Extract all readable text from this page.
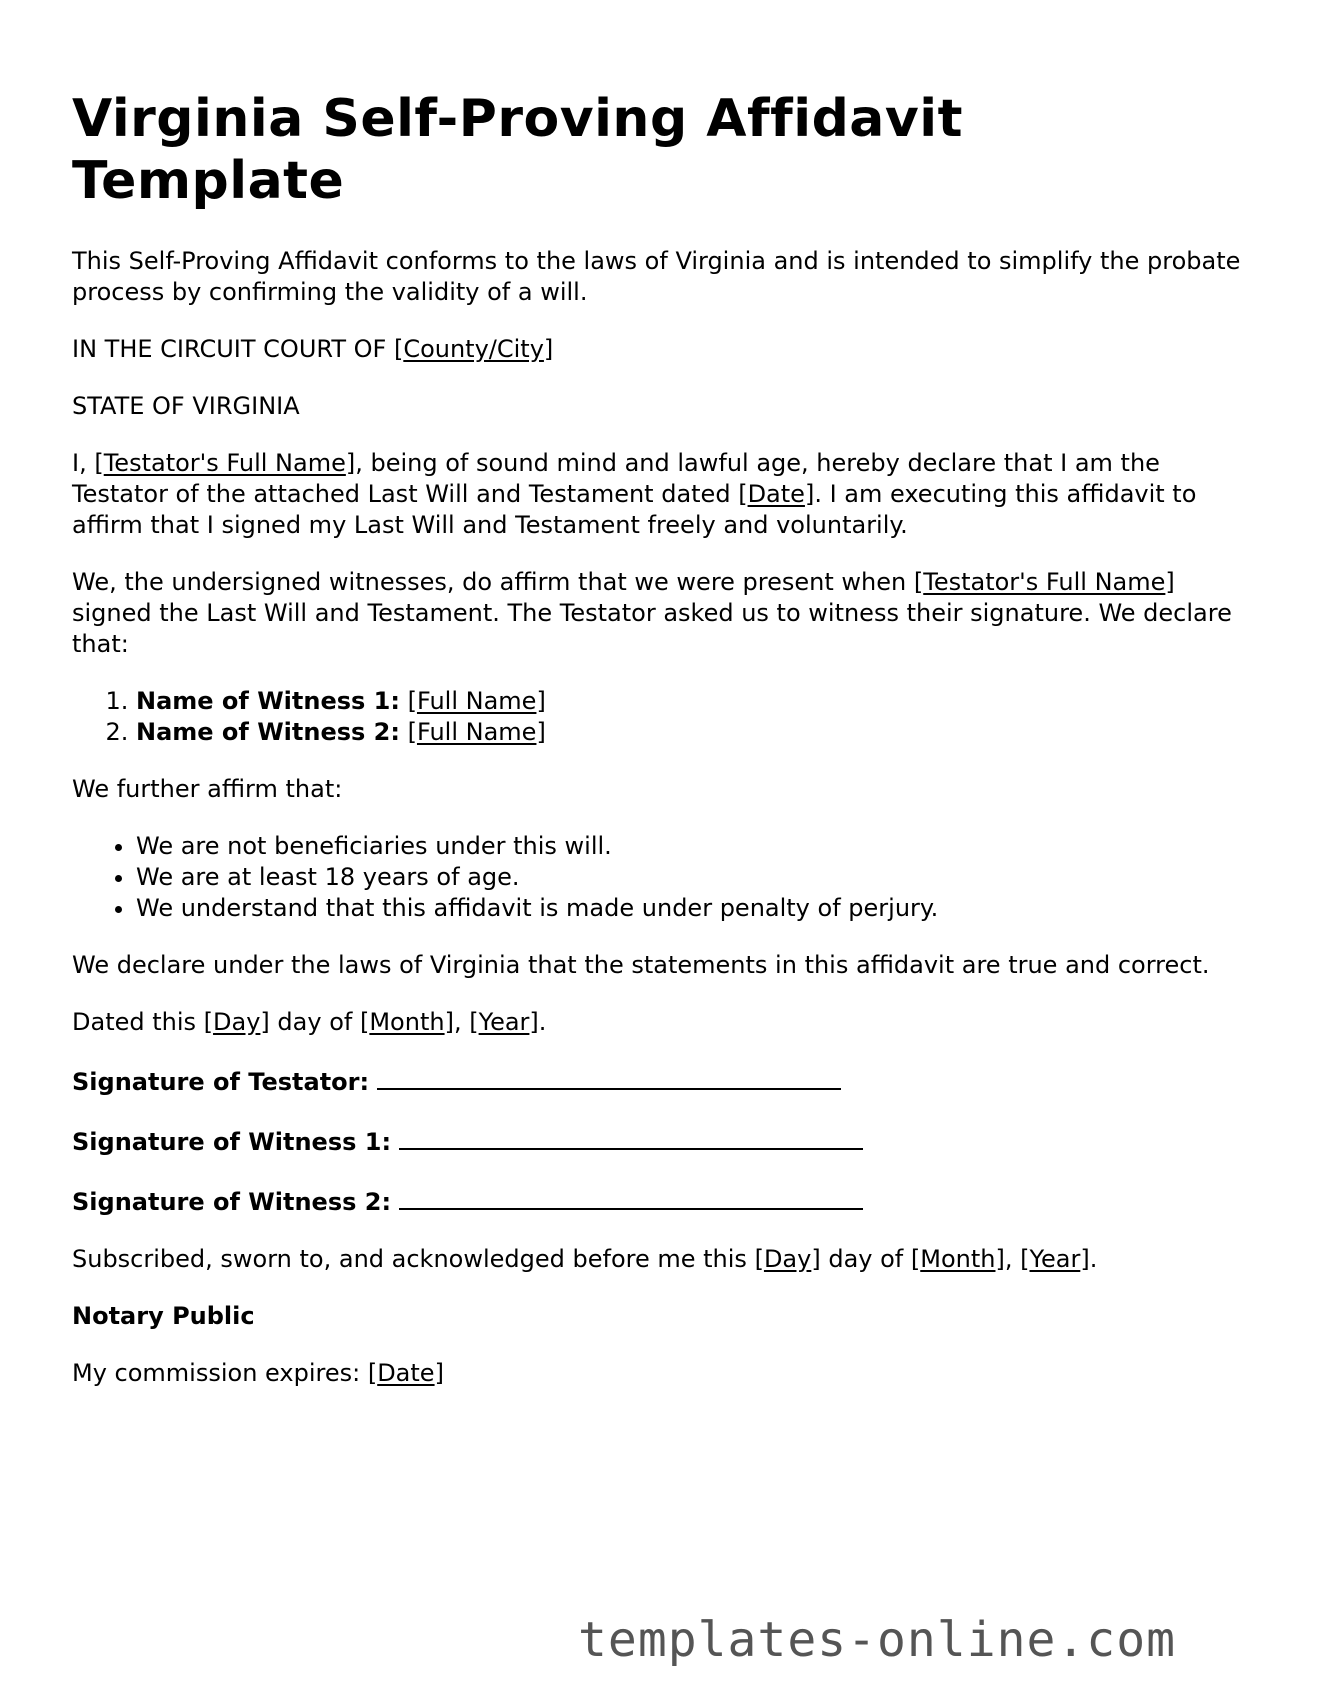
Virginia Self-Proving Affidavit Template

This Self-Proving Affidavit conforms to the laws of Virginia and is intended to simplify the probate process by confirming the validity of a will.

IN THE CIRCUIT COURT OF [County/City]

STATE OF VIRGINIA

I, [Testator's Full Name], being of sound mind and lawful age, hereby declare that I am the Testator of the attached Last Will and Testament dated [Date]. I am executing this affidavit to affirm that I signed my Last Will and Testament freely and voluntarily.

We, the undersigned witnesses, do affirm that we were present when [Testator's Full Name] signed the Last Will and Testament. The Testator asked us to witness their signature. We declare that:

1. Name of Witness 1: [Full Name]
2. Name of Witness 2: [Full Name]

We further affirm that:

• We are not beneficiaries under this will.
• We are at least 18 years of age.
• We understand that this affidavit is made under penalty of perjury.

We declare under the laws of Virginia that the statements in this affidavit are true and correct.

Dated this [Day] day of [Month], [Year].

Signature of Testator:

Signature of Witness 1:

Signature of Witness 2:

Subscribed, sworn to, and acknowledged before me this [Day] day of [Month], [Year].

Notary Public

My commission expires: [Date]

templates-online.com
